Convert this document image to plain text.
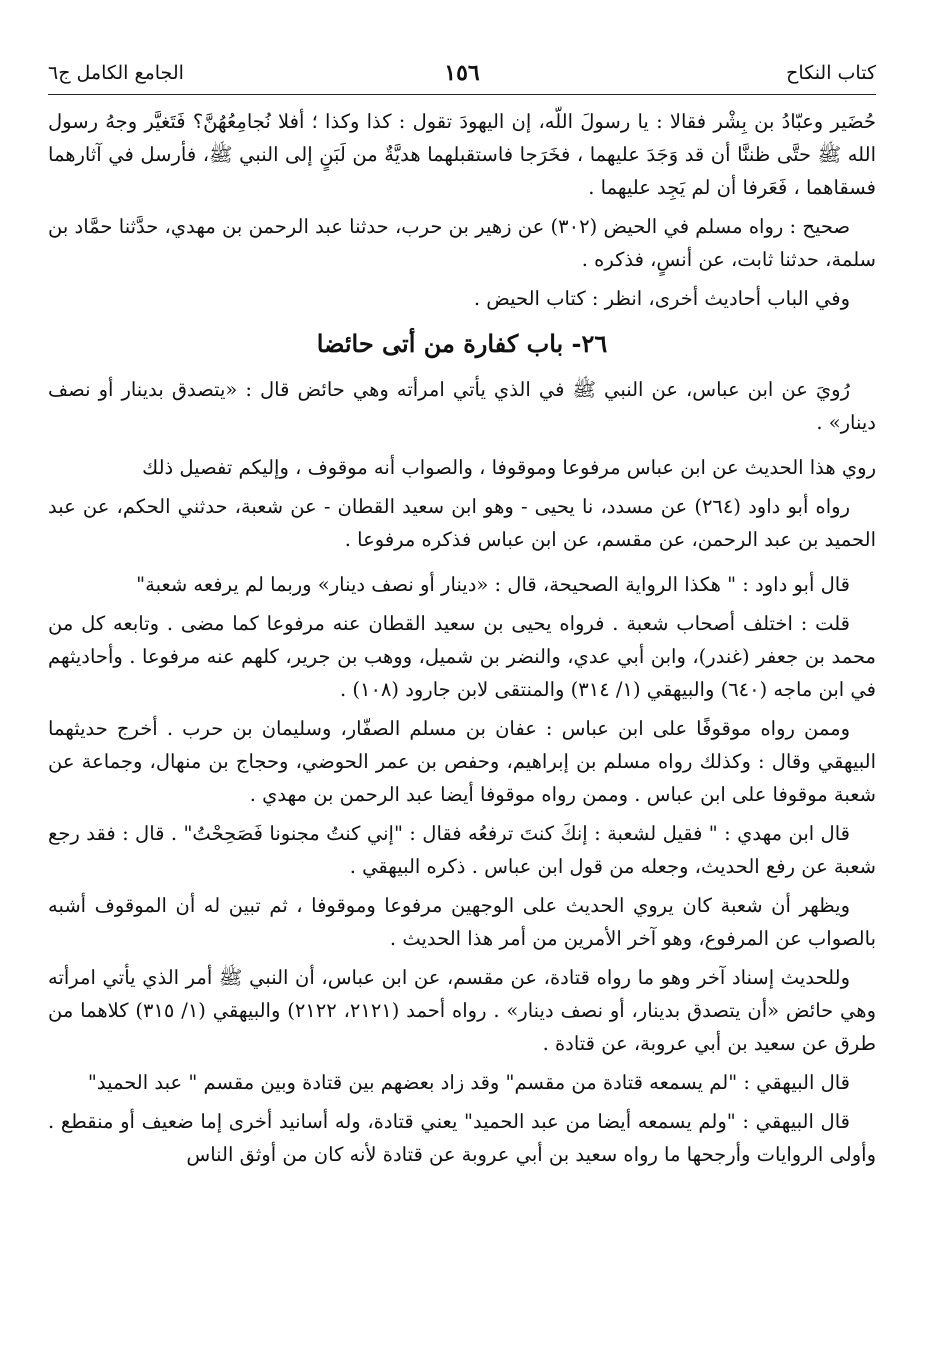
كتاب النكاح
١٥٦
الجامع الكامل ج٦

حُضَير وعبّادُ بن بِشْر فقالا : يا رسولَ اللّه، إن اليهودَ تقول : كذا وكذا ؛ أفلا نُجامِعُهُنَّ؟ فَتَغيَّر وجهُ رسول الله ﷺ حتَّى ظننَّا أن قد وَجَدَ عليهما ، فخَرَجا فاستقبلهما هديَّةٌ من لَبَنٍ إلى النبي ﷺ، فأرسل في آثارهما فسقاهما ، فَعَرفا أن لم يَجِد عليهما .

صحيح : رواه مسلم في الحيض (٣٠٢) عن زهير بن حرب، حدثنا عبد الرحمن بن مهدي، حدَّثنا حمَّاد بن سلمة، حدثنا ثابت، عن أنسٍ، فذكره .

وفي الباب أحاديث أخرى، انظر : كتاب الحيض .

٢٦- باب كفارة من أتى حائضا

رُويَ عن ابن عباس، عن النبي ﷺ في الذي يأتي امرأته وهي حائض قال : «يتصدق بدينار أو نصف دينار» .

روي هذا الحديث عن ابن عباس مرفوعا وموقوفا ، والصواب أنه موقوف ، وإليكم تفصيل ذلك

رواه أبو داود (٢٦٤) عن مسدد، نا يحيى - وهو ابن سعيد القطان - عن شعبة، حدثني الحكم، عن عبد الحميد بن عبد الرحمن، عن مقسم، عن ابن عباس فذكره مرفوعا .

قال أبو داود : " هكذا الرواية الصحيحة، قال : «دينار أو نصف دينار» وربما لم يرفعه شعبة"

قلت : اختلف أصحاب شعبة . فرواه يحيى بن سعيد القطان عنه مرفوعا كما مضى . وتابعه كل من محمد بن جعفر (غندر)، وابن أبي عدي، والنضر بن شميل، ووهب بن جرير، كلهم عنه مرفوعا . وأحاديثهم في ابن ماجه (٦٤٠) والبيهقي (١/ ٣١٤) والمنتقى لابن جارود (١٠٨) .

وممن رواه موقوفًا على ابن عباس : عفان بن مسلم الصفّار، وسليمان بن حرب . أخرج حديثهما البيهقي وقال : وكذلك رواه مسلم بن إبراهيم، وحفص بن عمر الحوضي، وحجاج بن منهال، وجماعة عن شعبة موقوفا على ابن عباس . وممن رواه موقوفا أيضا عبد الرحمن بن مهدي .

قال ابن مهدي : " فقيل لشعبة : إنكَ كنتَ ترفعُه فقال : "إني كنتُ مجنونا فَصَحِحْتُ" . قال : فقد رجع شعبة عن رفع الحديث، وجعله من قول ابن عباس . ذكره البيهقي .

ويظهر أن شعبة كان يروي الحديث على الوجهين مرفوعا وموقوفا ، ثم تبين له أن الموقوف أشبه بالصواب عن المرفوع، وهو آخر الأمرين من أمر هذا الحديث .

وللحديث إسناد آخر وهو ما رواه قتادة، عن مقسم، عن ابن عباس، أن النبي ﷺ أمر الذي يأتي امرأته وهي حائض «أن يتصدق بدينار، أو نصف دينار» . رواه أحمد (٢١٢١، ٢١٢٢) والبيهقي (١/ ٣١٥) كلاهما من طرق عن سعيد بن أبي عروبة، عن قتادة .

قال البيهقي : "لم يسمعه قتادة من مقسم" وقد زاد بعضهم بين قتادة وبين مقسم " عبد الحميد"

قال البيهقي : "ولم يسمعه أيضا من عبد الحميد" يعني قتادة، وله أسانيد أخرى إما ضعيف أو منقطع . وأولى الروايات وأرجحها ما رواه سعيد بن أبي عروبة عن قتادة لأنه كان من أوثق الناس
